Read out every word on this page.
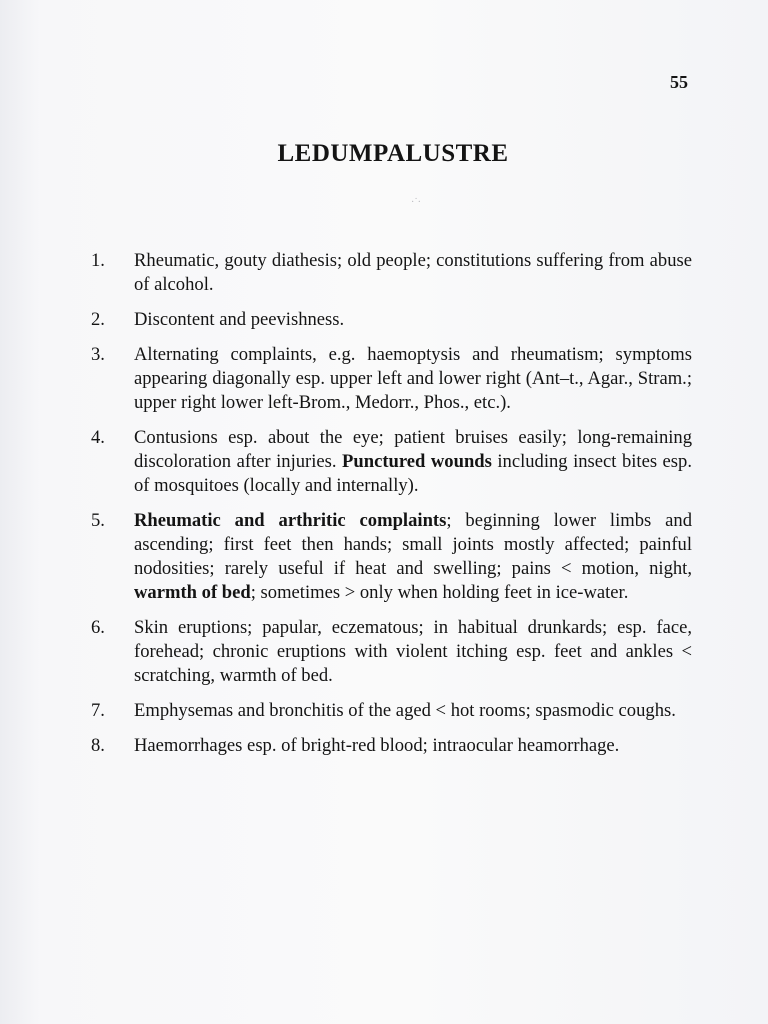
55
LEDUMPALUSTRE
·˙·
1.	Rheumatic, gouty diathesis; old people; constitutions suffering from abuse of alcohol.
2.	Discontent and peevishness.
3.	Alternating complaints, e.g. haemoptysis and rheumatism; symptoms appearing diagonally esp. upper left and lower right (Ant–t., Agar., Stram.; upper right lower left-Brom., Medorr., Phos., etc.).
4.	Contusions esp. about the eye; patient bruises easily; long-remaining discoloration after injuries. Punctured wounds including insect bites esp. of mosquitoes (locally and internally).
5.	Rheumatic and arthritic complaints; beginning lower limbs and ascending; first feet then hands; small joints mostly affected; painful nodosities; rarely useful if heat and swelling; pains < motion, night, warmth of bed; sometimes > only when holding feet in ice-water.
6.	Skin eruptions; papular, eczematous; in habitual drunkards; esp. face, forehead; chronic eruptions with violent itching esp. feet and ankles < scratching, warmth of bed.
7.	Emphysemas and bronchitis of the aged < hot rooms; spasmodic coughs.
8.	Haemorrhages esp. of bright-red blood; intraocular heamorrhage.
